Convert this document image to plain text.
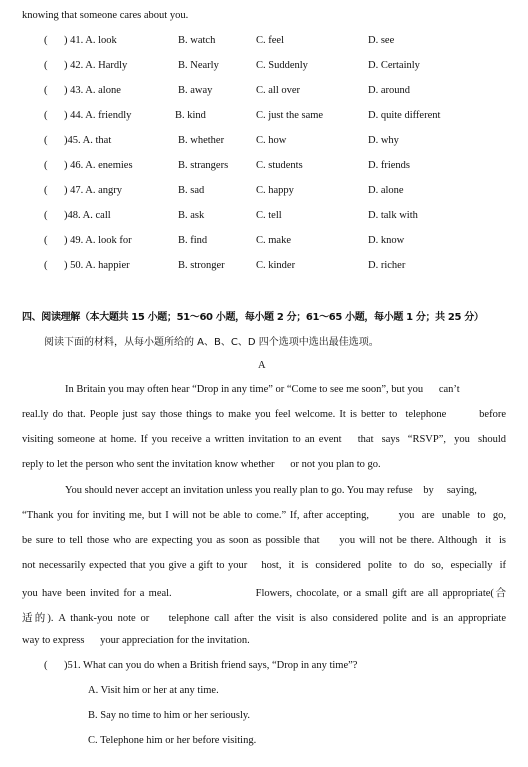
knowing that someone cares about you.
( ) 41. A. look	B. watch	C. feel	D. see
( ) 42. A. Hardly	B. Nearly	C. Suddenly	D. Certainly
( ) 43. A. alone	B. away	C. all over	D. around
( ) 44. A. friendly	B. kind	C. just the same	D. quite different
( )45. A. that	B. whether	C. how	D. why
( ) 46. A. enemies	B. strangers	C. students	D. friends
( ) 47. A. angry	B. sad	C. happy	D. alone
( )48. A. call	B. ask	C. tell	D. talk with
( ) 49. A. look for	B. find	C. make	D. know
( ) 50. A. happier	B. stronger	C. kinder	D. richer
四、阅读理解（本大题共 15 小题；51～60 小题，每小题 2 分；61～65 小题，每小题 1 分；共 25 分）
阅读下面的材料，从每小题所给的 A、B、C、D 四个选项中选出最佳选项。
A
In Britain you may often hear “Drop in any time” or “Come to see me soon”, but you      can’t
real.ly do that. People just say those things to make you feel welcome. It is better to  telephone        before
visiting someone at home. If you receive a written invitation to an event    that  says  “RSVP”,  you  should
reply to let the person who sent the invitation know whether      or not you plan to go.
You should never accept an invitation unless you really plan to go. You may refuse    by     saying,
“Thank you for inviting me, but I will not be able to come.” If, after accepting,        you  are  unable  to  go,
be sure to tell those who are expecting you as soon as possible that     you will not be there. Although  it  is
not necessarily expected that you give a gift to your    host,  it  is  considered  polite  to  do  so,  especially  if
you have been invited for a meal.                    Flowers, chocolate, or a small gift are all appropriate(合
适的). A thank-you note or    telephone call after the visit is also considered polite and is an appropriate
way to express      your appreciation for the invitation.
( )51. What can you do when a British friend says, “Drop in any time”?
A. Visit him or her at any time.
B. Say no time to him or her seriously.
C. Telephone him or her before visiting.
